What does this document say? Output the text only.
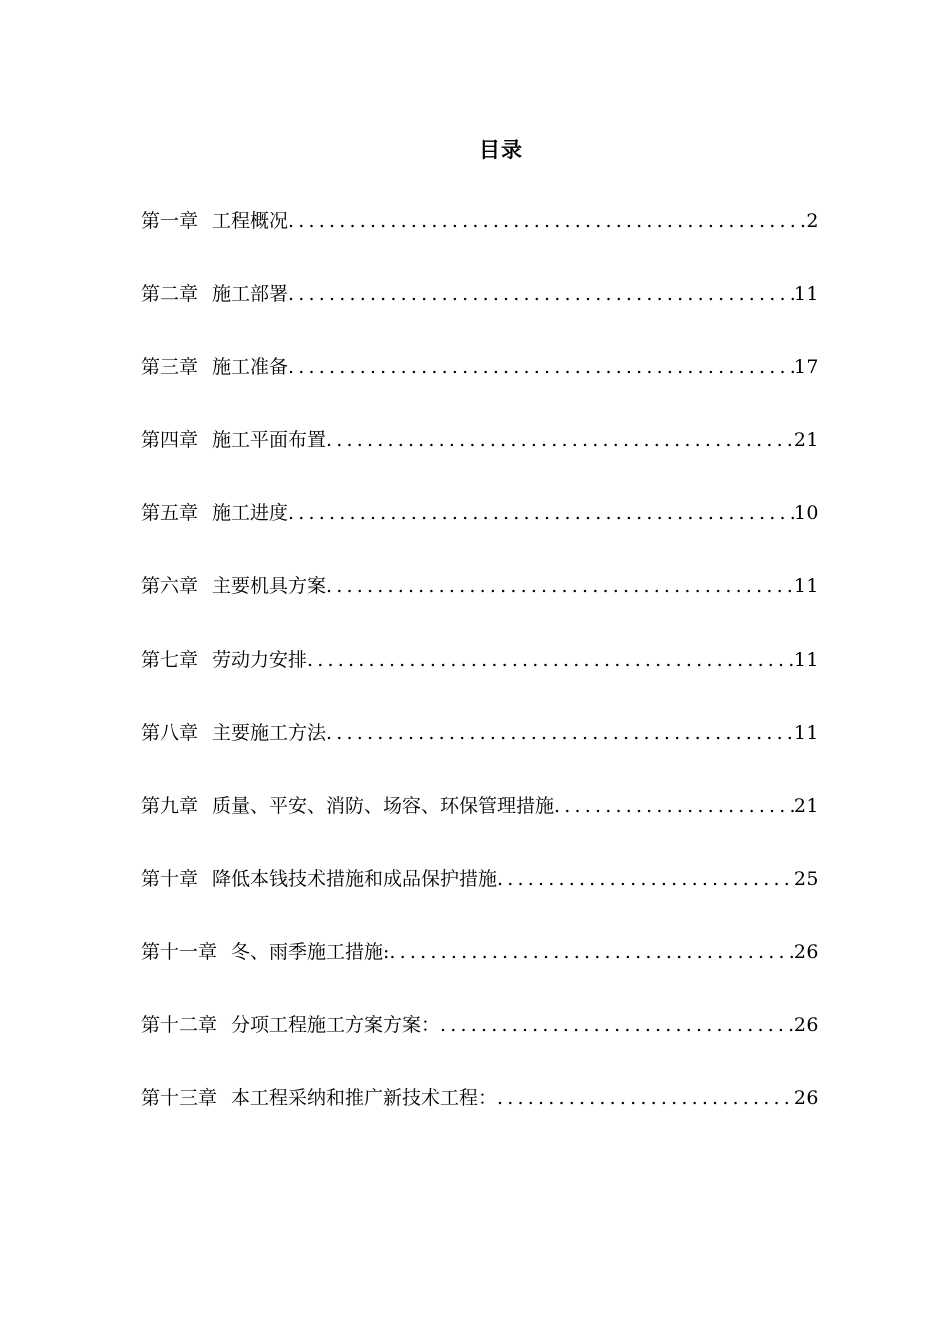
目录
第一章 工程概况 .....	2
第二章 施工部署 .....	11
第三章 施工准备 .....	17
第四章 施工平面布置 .....	21
第五章 施工进度 .....	10
第六章 主要机具方案 .....	11
第七章 劳动力安排 .....	11
第八章 主要施工方法 .....	11
第九章 质量、平安、消防、场容、环保管理措施 .....	21
第十章 降低本钱技术措施和成品保护措施 .....	25
第十一章 冬、雨季施工措施: .....	26
第十二章 分项工程施工方案方案： .....	26
第十三章 本工程采纳和推广新技术工程： .....	26
